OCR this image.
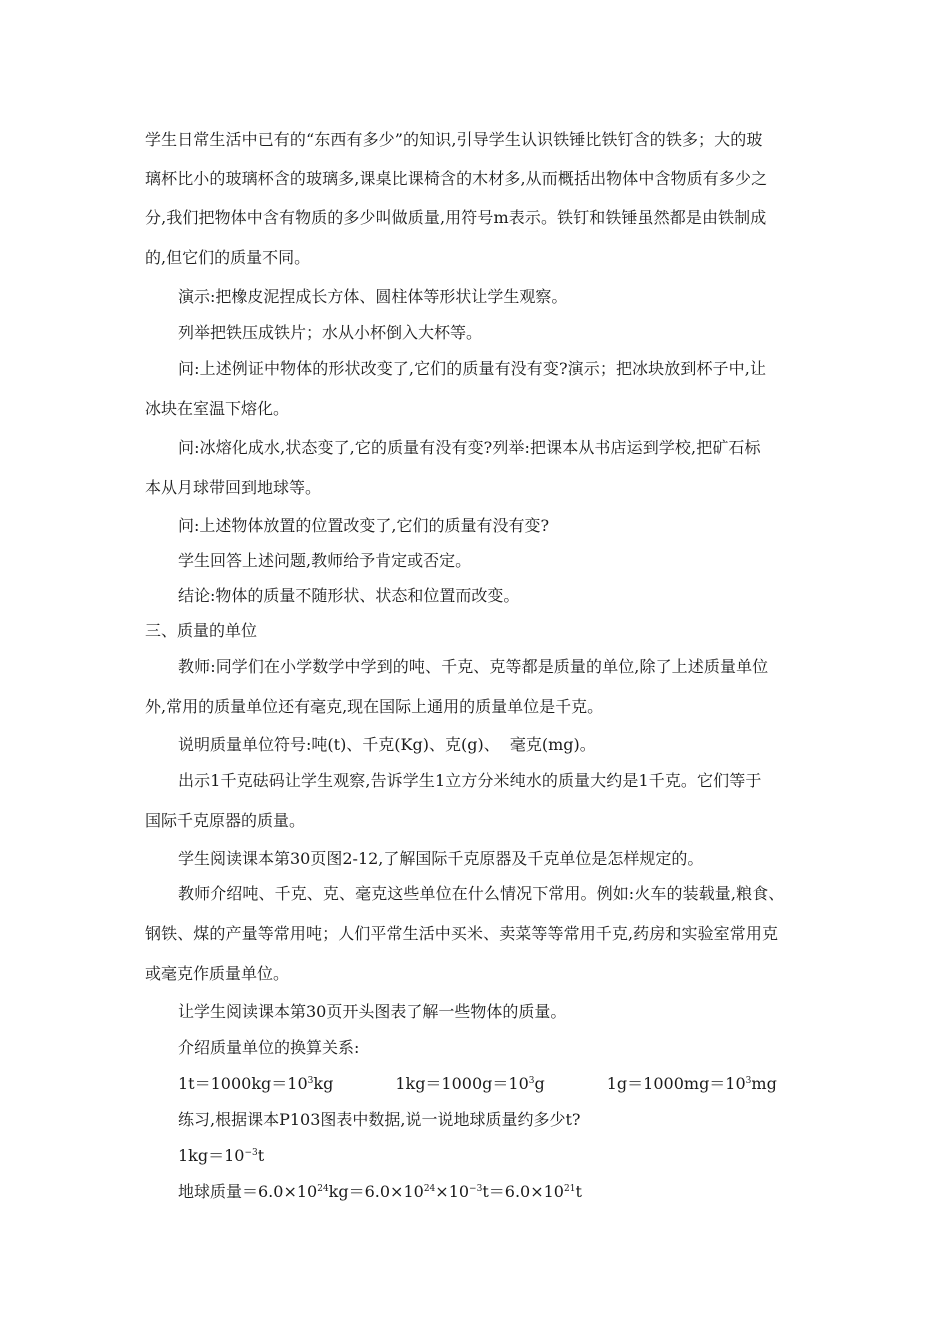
学生日常生活中已有的“东西有多少”的知识,引导学生认识铁锤比铁钉含的铁多；大的玻

璃杯比小的玻璃杯含的玻璃多,课桌比课椅含的木材多,从而概括出物体中含物质有多少之

分,我们把物体中含有物质的多少叫做质量,用符号m表示。铁钉和铁锤虽然都是由铁制成

的,但它们的质量不同。

演示:把橡皮泥捏成长方体、圆柱体等形状让学生观察。

列举把铁压成铁片；水从小杯倒入大杯等。

问:上述例证中物体的形状改变了,它们的质量有没有变?演示；把冰块放到杯子中,让

冰块在室温下熔化。

问:冰熔化成水,状态变了,它的质量有没有变?列举:把课本从书店运到学校,把矿石标

本从月球带回到地球等。

问:上述物体放置的位置改变了,它们的质量有没有变?

学生回答上述问题,教师给予肯定或否定。

结论:物体的质量不随形状、状态和位置而改变。

三、质量的单位

教师:同学们在小学数学中学到的吨、千克、克等都是质量的单位,除了上述质量单位

外,常用的质量单位还有毫克,现在国际上通用的质量单位是千克。

说明质量单位符号:吨(t)、千克(Kg)、克(g)、  毫克(mg)。

出示1千克砝码让学生观察,告诉学生1立方分米纯水的质量大约是1千克。它们等于

国际千克原器的质量。

学生阅读课本第30页图2-12,了解国际千克原器及千克单位是怎样规定的。

教师介绍吨、千克、克、毫克这些单位在什么情况下常用。例如:火车的装载量,粮食、

钢铁、煤的产量等常用吨；人们平常生活中买米、卖菜等等常用千克,药房和实验室常用克

或毫克作质量单位。

让学生阅读课本第30页开头图表了解一些物体的质量。

介绍质量单位的换算关系:

$1t=1000kg=10^3kg$	$1kg=1000g=10^3g$	$1g=1000mg=10^3mg$

练习,根据课本P103图表中数据,说一说地球质量约多少t?

$1kg=10^{-3}t$

地球质量$=6.0\times 10^{24}kg=6.0\times 10^{24}\times 10^{-3}t=6.0\times 10^{21}t$
